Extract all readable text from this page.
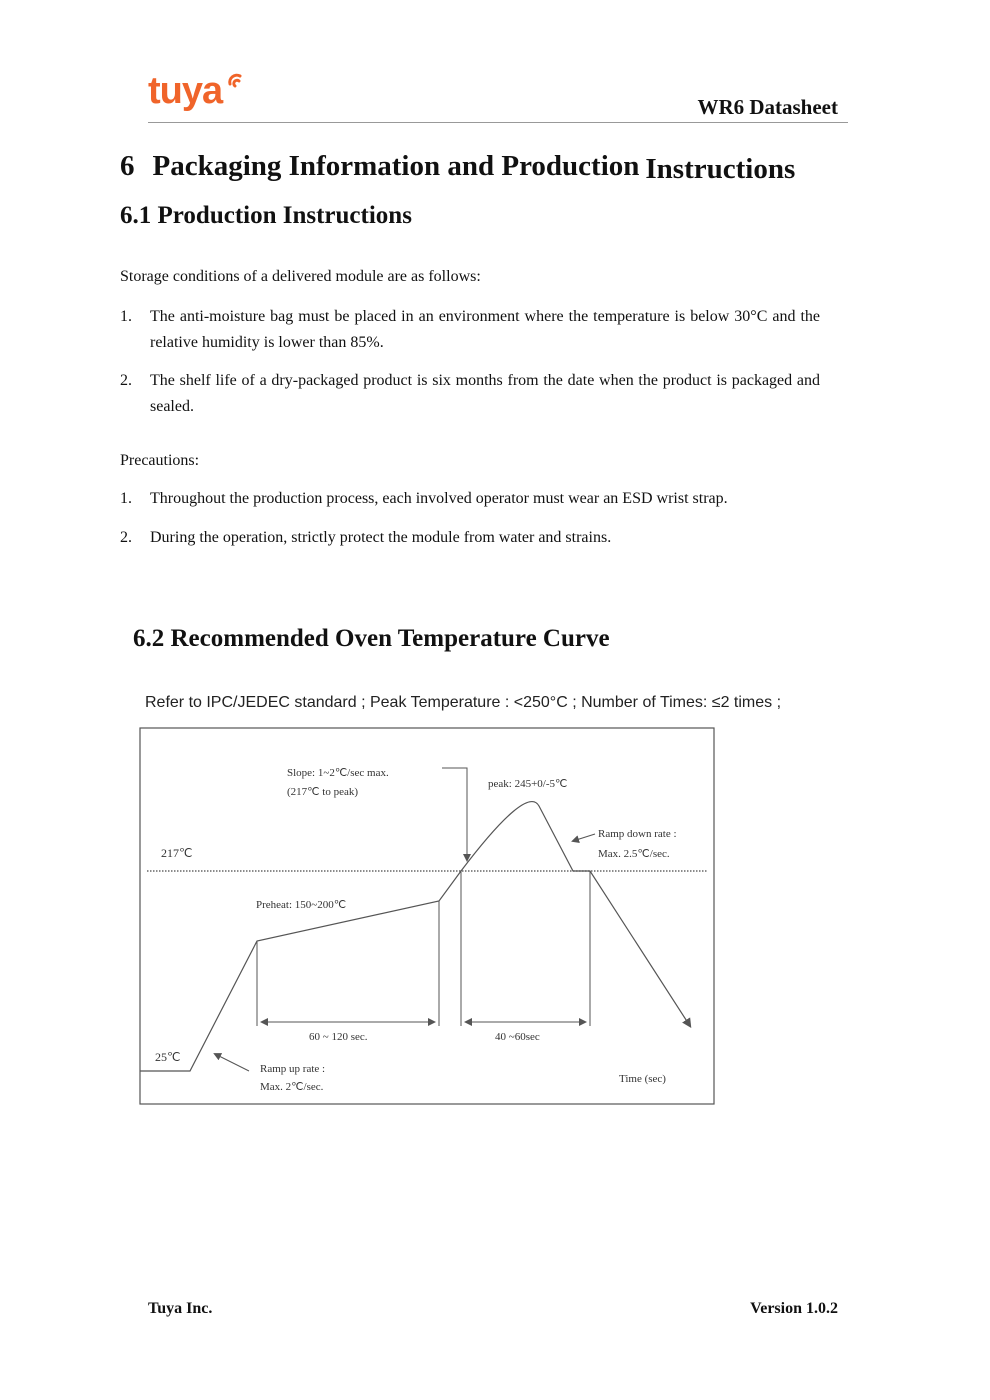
tuya	WR6 Datasheet
6 Packaging Information and Production Instructions
6.1 Production Instructions
Storage conditions of a delivered module are as follows:
1. The anti-moisture bag must be placed in an environment where the temperature is below 30°C and the relative humidity is lower than 85%.
2. The shelf life of a dry-packaged product is six months from the date when the product is packaged and sealed.
Precautions:
1. Throughout the production process, each involved operator must wear an ESD wrist strap.
2. During the operation, strictly protect the module from water and strains.
6.2 Recommended Oven Temperature Curve
Refer to IPC/JEDEC standard ; Peak Temperature : <250°C ; Number of Times: ≤2 times ;
217℃
25℃
Slope: 1~2℃/sec max.
(217℃ to peak)
peak: 245+0/-5℃
Ramp down rate :
Max. 2.5℃/sec.
Preheat: 150~200℃
60 ~ 120 sec.	40 ~60sec
Ramp up rate :
Max. 2℃/sec.
Time (sec)
Tuya Inc.	Version 1.0.2
